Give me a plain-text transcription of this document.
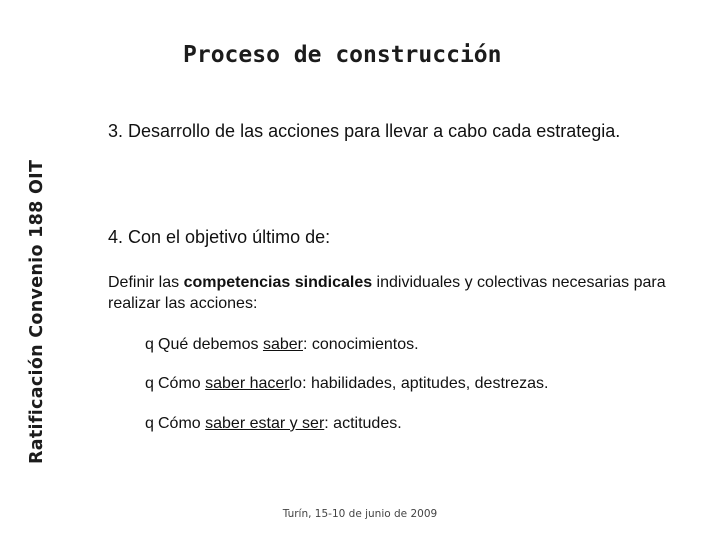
Ratificación Convenio 188 OIT
Proceso de construcción
3. Desarrollo de las acciones para llevar a cabo cada estrategia.
4. Con el objetivo último de:
Definir las competencias sindicales individuales y colectivas necesarias para realizar las acciones:
q Qué debemos saber: conocimientos.
q Cómo saber hacerlo: habilidades, aptitudes, destrezas.
q Cómo saber estar y ser: actitudes.
Turín, 15-10 de junio de 2009
